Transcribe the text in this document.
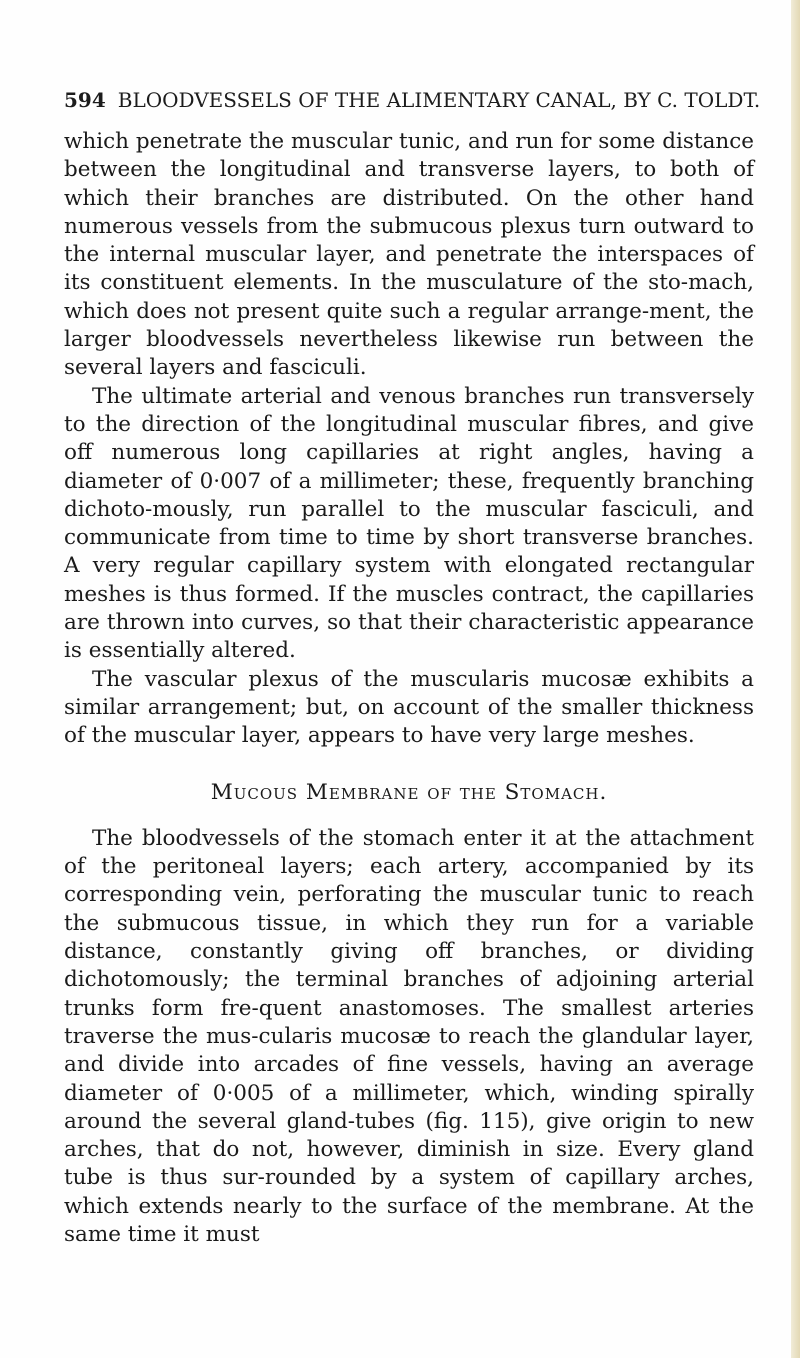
594 BLOODVESSELS OF THE ALIMENTARY CANAL, BY C. TOLDT.

which penetrate the muscular tunic, and run for some distance between the longitudinal and transverse layers, to both of which their branches are distributed. On the other hand numerous vessels from the submucous plexus turn outward to the internal muscular layer, and penetrate the interspaces of its constituent elements. In the musculature of the sto-mach, which does not present quite such a regular arrange-ment, the larger bloodvessels nevertheless likewise run between the several layers and fasciculi.

The ultimate arterial and venous branches run transversely to the direction of the longitudinal muscular fibres, and give off numerous long capillaries at right angles, having a diameter of 0·007 of a millimeter; these, frequently branching dichoto-mously, run parallel to the muscular fasciculi, and communicate from time to time by short transverse branches. A very regular capillary system with elongated rectangular meshes is thus formed. If the muscles contract, the capillaries are thrown into curves, so that their characteristic appearance is essentially altered.

The vascular plexus of the muscularis mucosæ exhibits a similar arrangement; but, on account of the smaller thickness of the muscular layer, appears to have very large meshes.

Mucous Membrane of the Stomach.

The bloodvessels of the stomach enter it at the attachment of the peritoneal layers; each artery, accompanied by its corresponding vein, perforating the muscular tunic to reach the submucous tissue, in which they run for a variable distance, constantly giving off branches, or dividing dichotomously; the terminal branches of adjoining arterial trunks form fre-quent anastomoses. The smallest arteries traverse the mus-cularis mucosæ to reach the glandular layer, and divide into arcades of fine vessels, having an average diameter of 0·005 of a millimeter, which, winding spirally around the several gland-tubes (fig. 115), give origin to new arches, that do not, however, diminish in size. Every gland tube is thus sur-rounded by a system of capillary arches, which extends nearly to the surface of the membrane. At the same time it must
